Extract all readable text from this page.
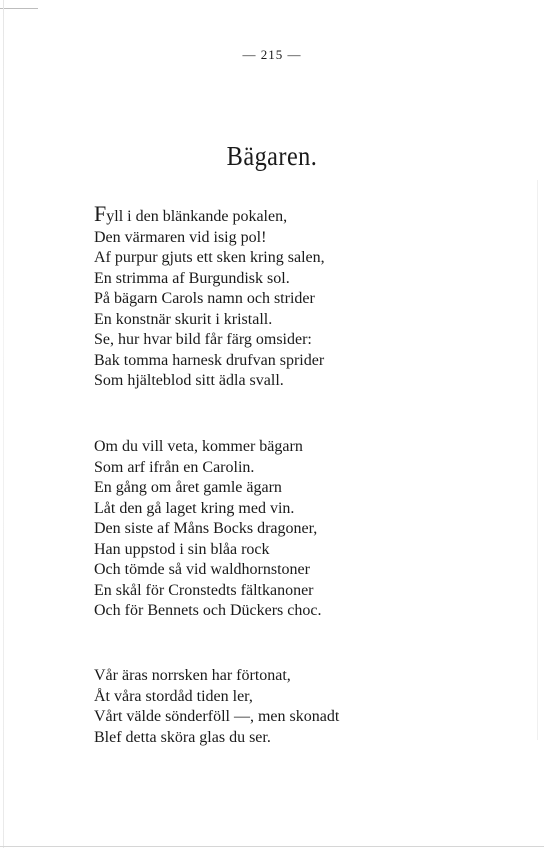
— 215 —
Bägaren.
Fyll i den blänkande pokalen,
Den värmaren vid isig pol!
Af purpur gjuts ett sken kring salen,
En strimma af Burgundisk sol.
På bägarn Carols namn och strider
En konstnär skurit i kristall.
Se, hur hvar bild får färg omsider:
Bak tomma harnesk drufvan sprider
Som hjälteblod sitt ädla svall.
Om du vill veta, kommer bägarn
Som arf ifrån en Carolin.
En gång om året gamle ägarn
Låt den gå laget kring med vin.
Den siste af Måns Bocks dragoner,
Han uppstod i sin blåa rock
Och tömde så vid waldhornstoner
En skål för Cronstedts fältkanoner
Och för Bennets och Dückers choc.
Vår äras norrsken har förtonat,
Åt våra stordåd tiden ler,
Vårt välde sönderföll —, men skonadt
Blef detta sköra glas du ser.
